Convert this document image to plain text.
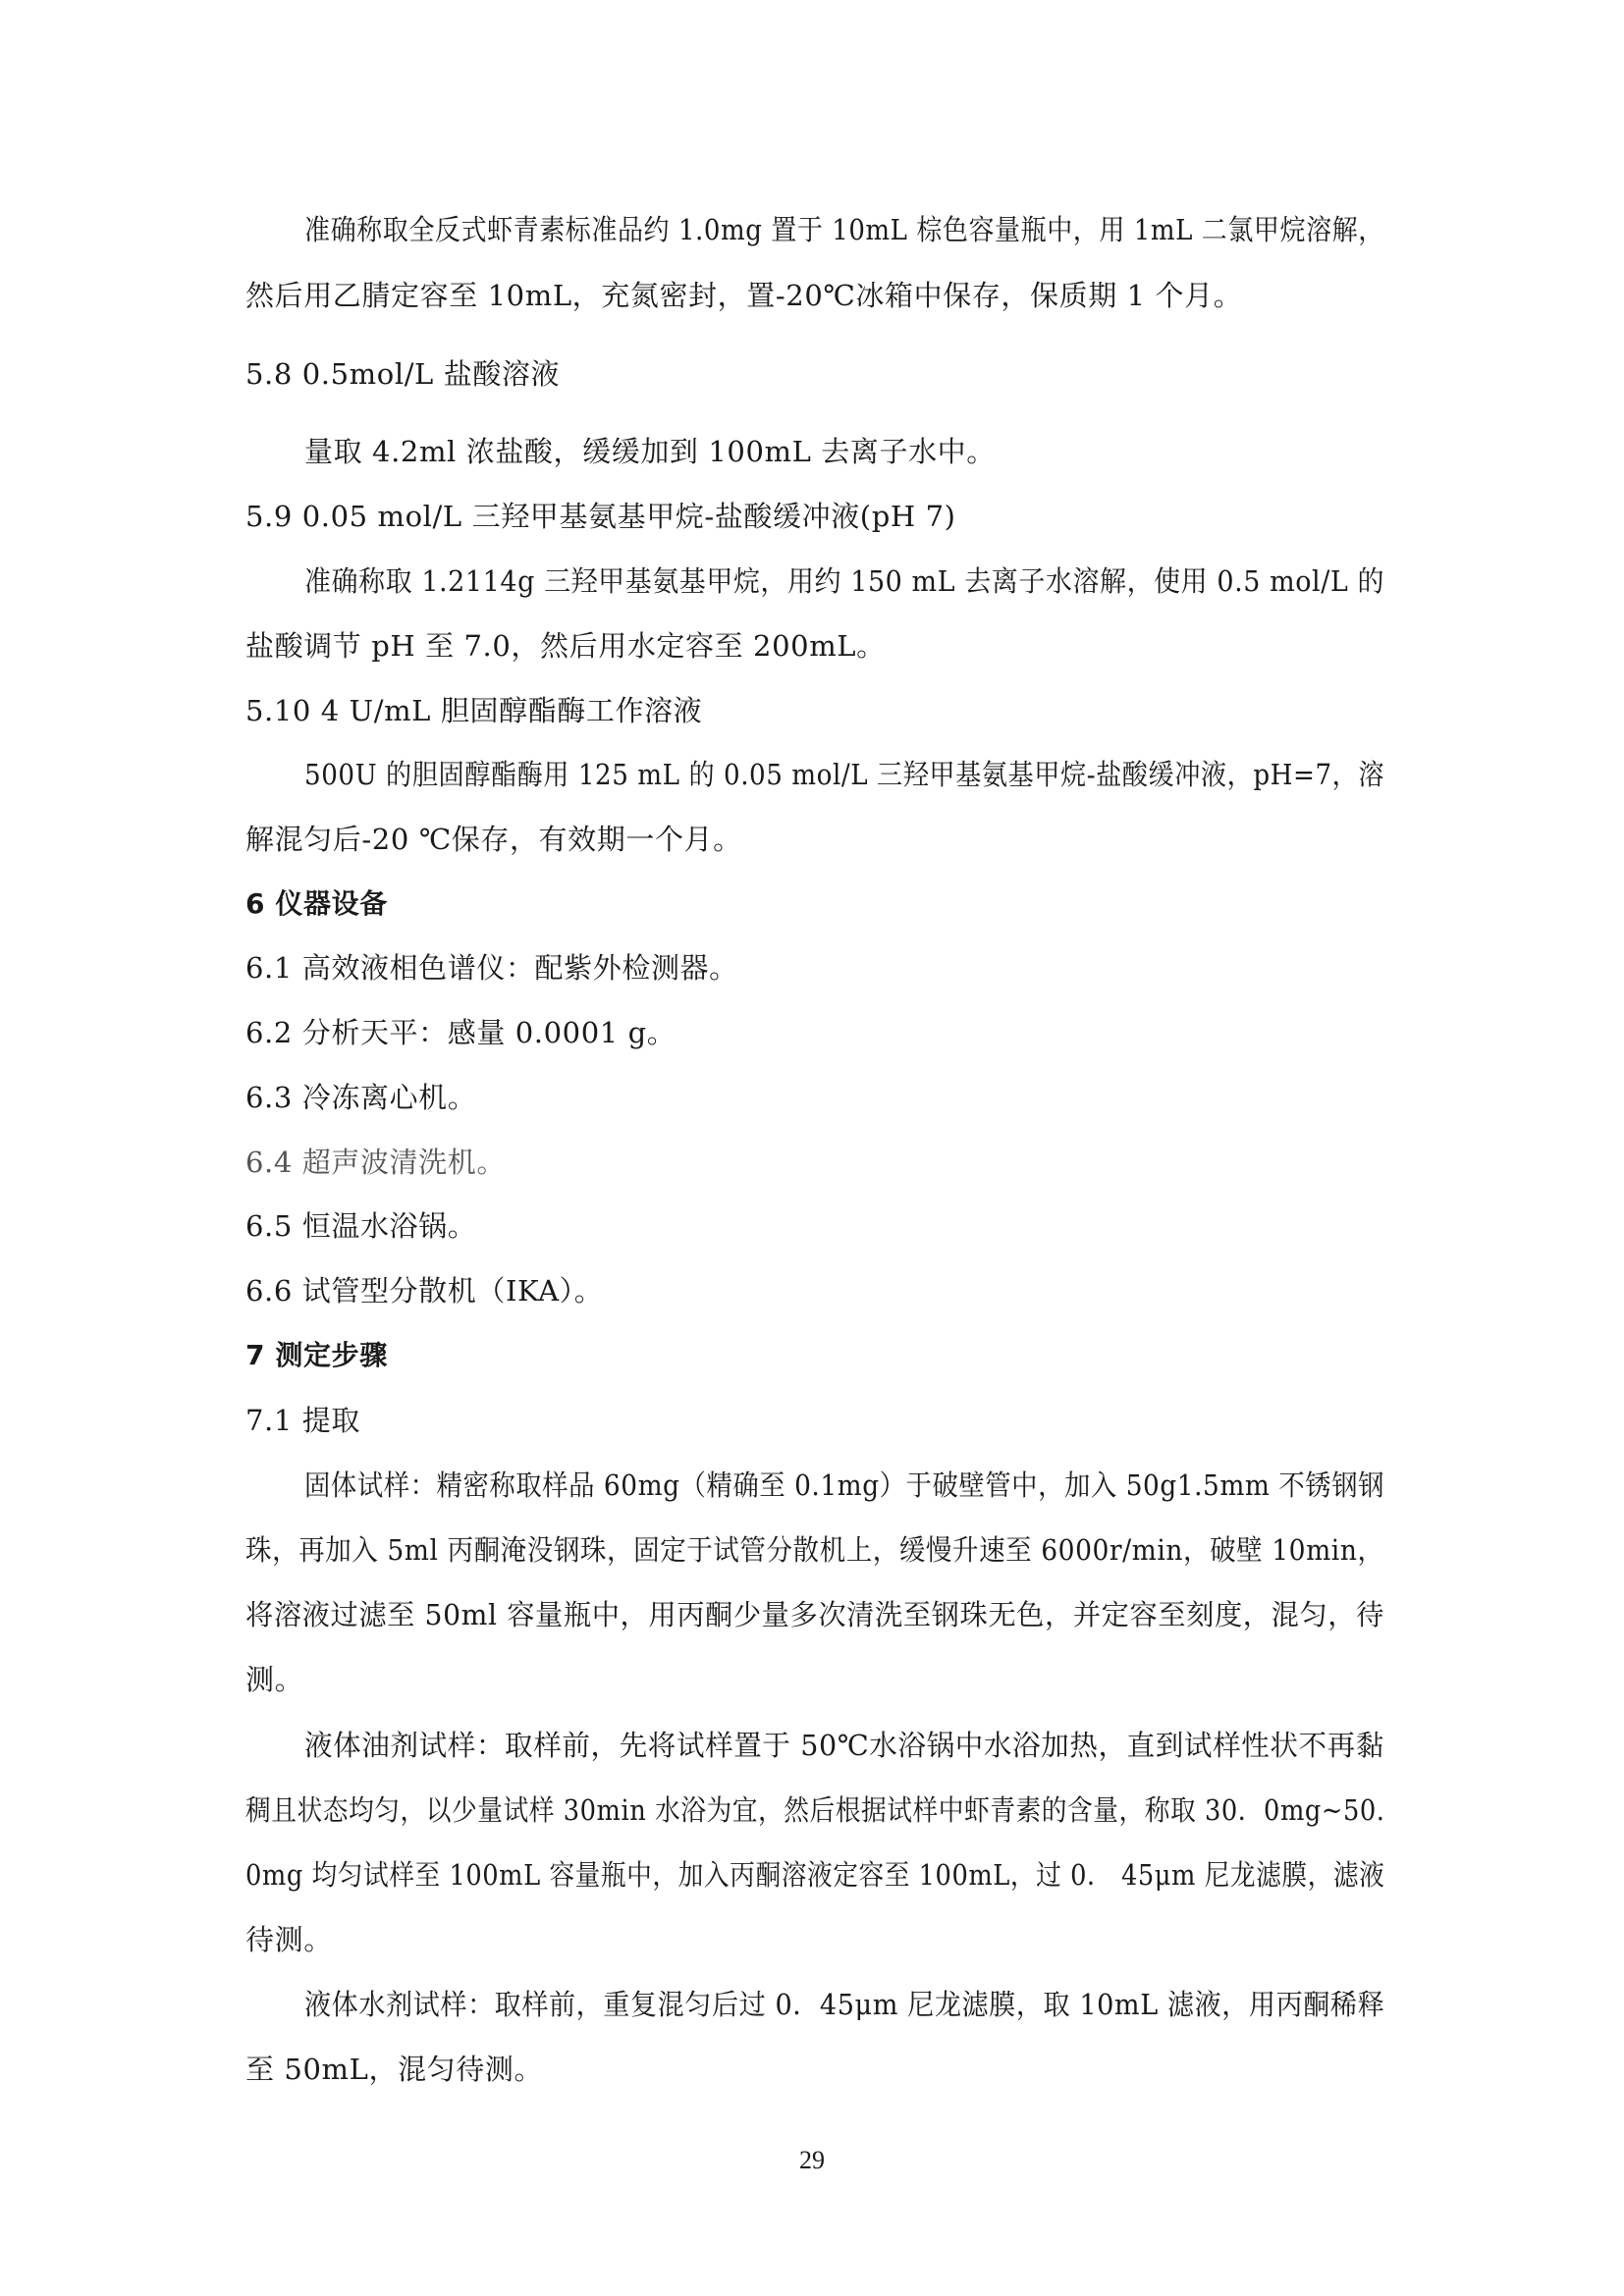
准确称取全反式虾青素标准品约 1.0mg 置于 10mL 棕色容量瓶中，用 1mL 二氯甲烷溶解，
然后用乙腈定容至 10mL，充氮密封，置-20℃冰箱中保存，保质期 1 个月。
5.8 0.5mol/L 盐酸溶液
量取 4.2ml 浓盐酸，缓缓加到 100mL 去离子水中。
5.9 0.05 mol/L 三羟甲基氨基甲烷-盐酸缓冲液(pH 7)
准确称取 1.2114g 三羟甲基氨基甲烷，用约 150 mL 去离子水溶解，使用 0.5 mol/L 的
盐酸调节 pH 至 7.0，然后用水定容至 200mL。
5.10 4 U/mL 胆固醇酯酶工作溶液
500U 的胆固醇酯酶用 125 mL 的 0.05 mol/L 三羟甲基氨基甲烷-盐酸缓冲液，pH=7，溶
解混匀后-20 ℃保存，有效期一个月。
6 仪器设备
6.1 高效液相色谱仪：配紫外检测器。
6.2 分析天平：感量 0.0001 g。
6.3 冷冻离心机。
6.4 超声波清洗机。
6.5 恒温水浴锅。
6.6 试管型分散机（IKA）。
7 测定步骤
7.1 提取
固体试样：精密称取样品 60mg（精确至 0.1mg）于破壁管中，加入 50g1.5mm 不锈钢钢
珠，再加入 5ml 丙酮淹没钢珠，固定于试管分散机上，缓慢升速至 6000r/min，破壁 10min，
将溶液过滤至 50ml 容量瓶中，用丙酮少量多次清洗至钢珠无色，并定容至刻度，混匀，待
测。
液体油剂试样：取样前，先将试样置于 50℃水浴锅中水浴加热，直到试样性状不再黏
稠且状态均匀，以少量试样 30min 水浴为宜，然后根据试样中虾青素的含量，称取 30．0mg~50.
0mg 均匀试样至 100mL 容量瓶中，加入丙酮溶液定容至 100mL，过 0． 45μm 尼龙滤膜，滤液
待测。
液体水剂试样：取样前，重复混匀后过 0．45μm 尼龙滤膜，取 10mL 滤液，用丙酮稀释
至 50mL，混匀待测。
29
